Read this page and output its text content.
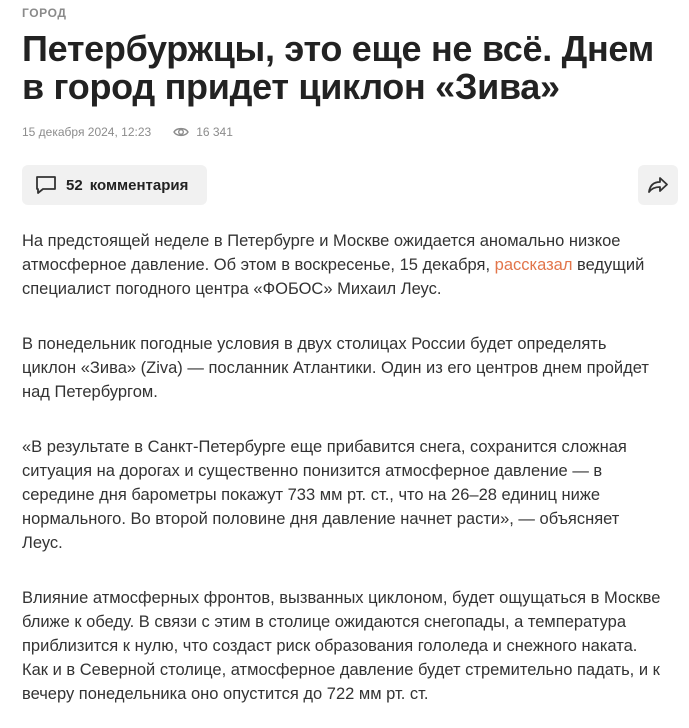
ГОРОД
Петербуржцы, это еще не всё. Днем в город придет циклон «Зива»
15 декабря 2024, 12:23	16 341
52 комментария

На предстоящей неделе в Петербурге и Москве ожидается аномально низкое атмосферное давление. Об этом в воскресенье, 15 декабря, рассказал ведущий специалист погодного центра «ФОБОС» Михаил Леус.

В понедельник погодные условия в двух столицах России будет определять циклон «Зива» (Ziva) — посланник Атлантики. Один из его центров днем пройдет над Петербургом.

«В результате в Санкт-Петербурге еще прибавится снега, сохранится сложная ситуация на дорогах и существенно понизится атмосферное давление — в середине дня барометры покажут 733 мм рт. ст., что на 26–28 единиц ниже нормального. Во второй половине дня давление начнет расти», — объясняет Леус.

Влияние атмосферных фронтов, вызванных циклоном, будет ощущаться в Москве ближе к обеду. В связи с этим в столице ожидаются снегопады, а температура приблизится к нулю, что создаст риск образования гололеда и снежного наката. Как и в Северной столице, атмосферное давление будет стремительно падать, и к вечеру понедельника оно опустится до 722 мм рт. ст.
